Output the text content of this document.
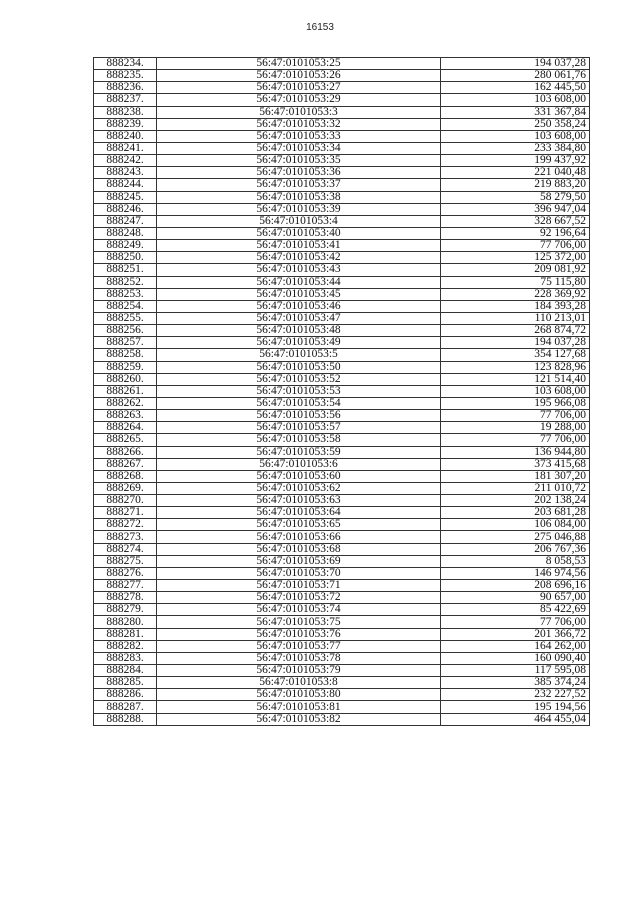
16153
888234.	56:47:0101053:25	194 037,28
888235.	56:47:0101053:26	280 061,76
888236.	56:47:0101053:27	162 445,50
888237.	56:47:0101053:29	103 608,00
888238.	56:47:0101053:3	331 367,84
888239.	56:47:0101053:32	250 358,24
888240.	56:47:0101053:33	103 608,00
888241.	56:47:0101053:34	233 384,80
888242.	56:47:0101053:35	199 437,92
888243.	56:47:0101053:36	221 040,48
888244.	56:47:0101053:37	219 883,20
888245.	56:47:0101053:38	58 279,50
888246.	56:47:0101053:39	396 947,04
888247.	56:47:0101053:4	328 667,52
888248.	56:47:0101053:40	92 196,64
888249.	56:47:0101053:41	77 706,00
888250.	56:47:0101053:42	125 372,00
888251.	56:47:0101053:43	209 081,92
888252.	56:47:0101053:44	75 115,80
888253.	56:47:0101053:45	228 369,92
888254.	56:47:0101053:46	184 393,28
888255.	56:47:0101053:47	110 213,01
888256.	56:47:0101053:48	268 874,72
888257.	56:47:0101053:49	194 037,28
888258.	56:47:0101053:5	354 127,68
888259.	56:47:0101053:50	123 828,96
888260.	56:47:0101053:52	121 514,40
888261.	56:47:0101053:53	103 608,00
888262.	56:47:0101053:54	195 966,08
888263.	56:47:0101053:56	77 706,00
888264.	56:47:0101053:57	19 288,00
888265.	56:47:0101053:58	77 706,00
888266.	56:47:0101053:59	136 944,80
888267.	56:47:0101053:6	373 415,68
888268.	56:47:0101053:60	181 307,20
888269.	56:47:0101053:62	211 010,72
888270.	56:47:0101053:63	202 138,24
888271.	56:47:0101053:64	203 681,28
888272.	56:47:0101053:65	106 084,00
888273.	56:47:0101053:66	275 046,88
888274.	56:47:0101053:68	206 767,36
888275.	56:47:0101053:69	8 058,53
888276.	56:47:0101053:70	146 974,56
888277.	56:47:0101053:71	208 696,16
888278.	56:47:0101053:72	90 657,00
888279.	56:47:0101053:74	85 422,69
888280.	56:47:0101053:75	77 706,00
888281.	56:47:0101053:76	201 366,72
888282.	56:47:0101053:77	164 262,00
888283.	56:47:0101053:78	160 090,40
888284.	56:47:0101053:79	117 595,08
888285.	56:47:0101053:8	385 374,24
888286.	56:47:0101053:80	232 227,52
888287.	56:47:0101053:81	195 194,56
888288.	56:47:0101053:82	464 455,04
